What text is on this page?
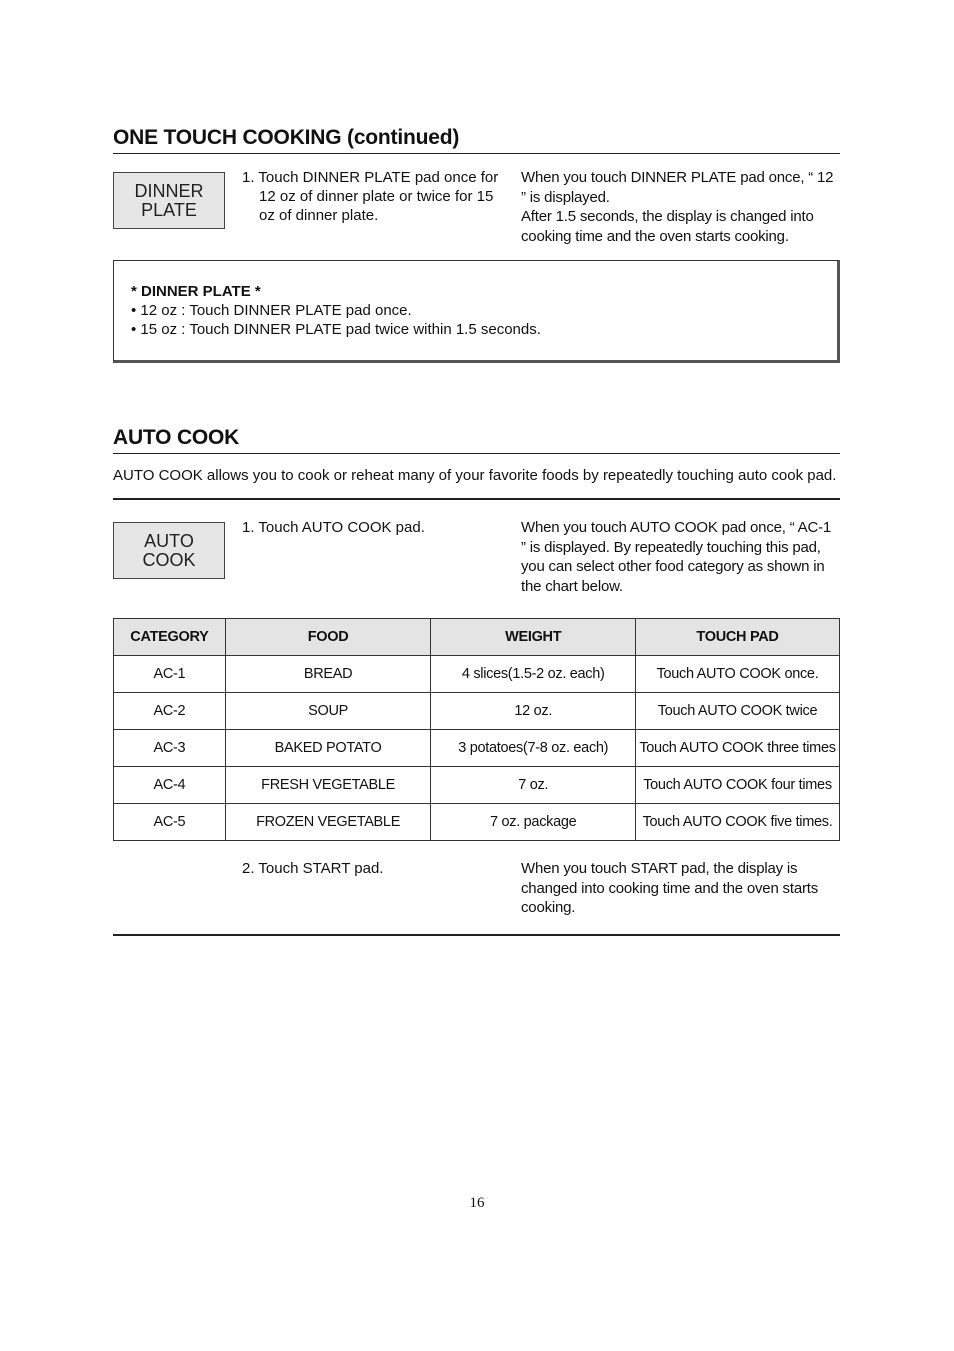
ONE TOUCH COOKING (continued)
DINNER
PLATE
1. Touch DINNER PLATE pad once for 12 oz of dinner plate or twice for 15 oz of dinner plate.
When you touch DINNER PLATE pad once, “ 12 ” is displayed.
After 1.5 seconds, the display is changed into cooking time and the oven starts cooking.
* DINNER PLATE *
• 12 oz : Touch DINNER PLATE pad once.
• 15 oz : Touch DINNER PLATE pad twice within 1.5 seconds.
AUTO COOK
AUTO COOK allows you to cook or reheat many of your favorite foods by repeatedly touching auto cook pad.
AUTO
COOK
1. Touch AUTO COOK pad.	When you touch AUTO COOK pad once, “ AC-1 ” is displayed. By repeatedly touching this pad, you can select other food category as shown in the chart below.
CATEGORY	FOOD	WEIGHT	TOUCH PAD
AC-1	BREAD	4 slices(1.5-2 oz. each)	Touch AUTO COOK once.
AC-2	SOUP	12 oz.	Touch AUTO COOK twice
AC-3	BAKED POTATO	3 potatoes(7-8 oz. each)	Touch AUTO COOK three times
AC-4	FRESH VEGETABLE	7 oz.	Touch AUTO COOK four times
AC-5	FROZEN VEGETABLE	7 oz. package	Touch AUTO COOK five times.
2. Touch START pad.	When you touch START pad, the display is changed into cooking time and the oven starts cooking.
16
